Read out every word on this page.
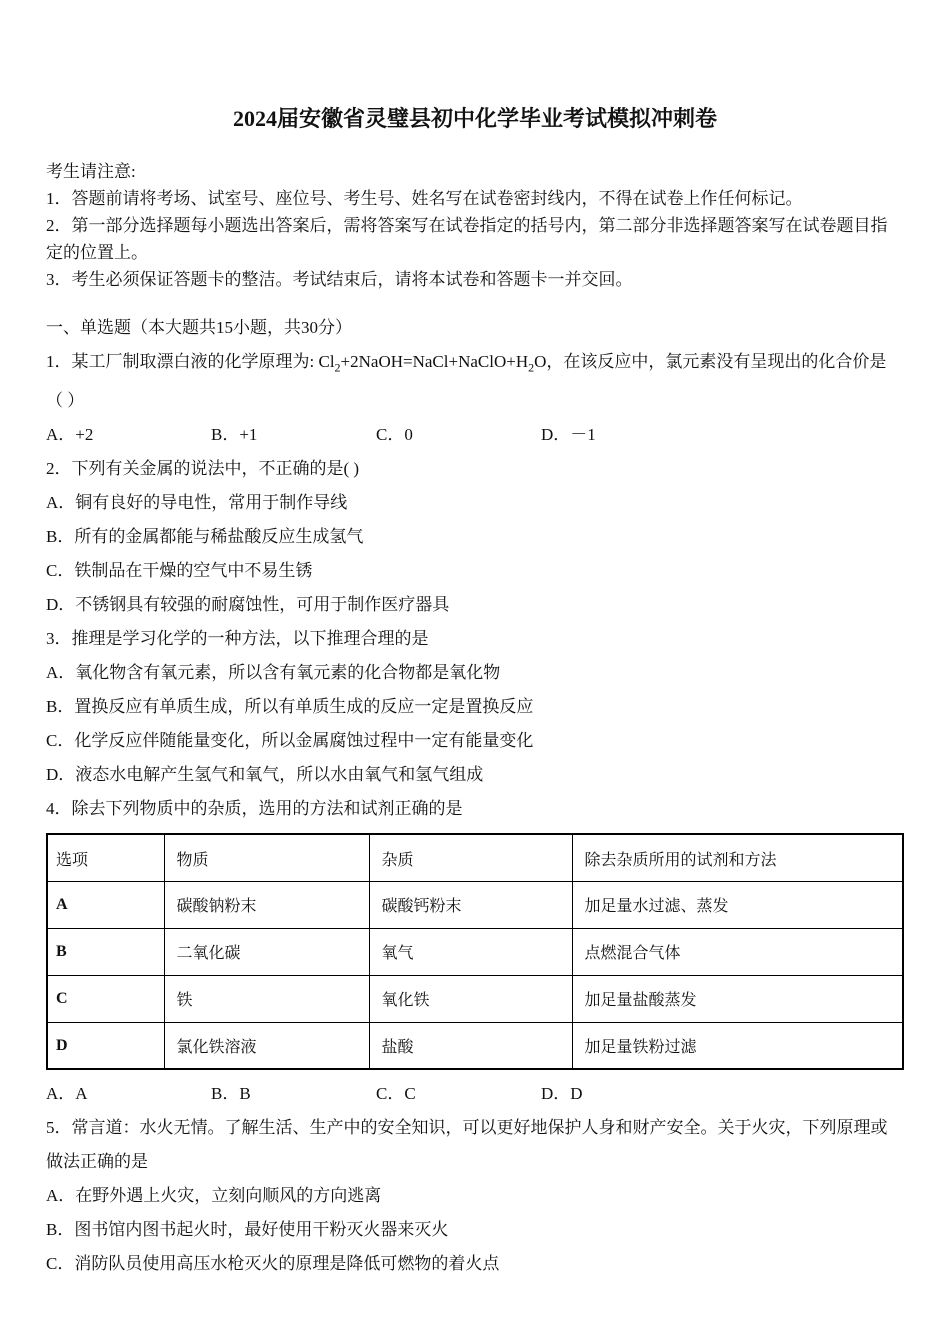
2024届安徽省灵璧县初中化学毕业考试模拟冲刺卷

考生请注意:

1．答题前请将考场、试室号、座位号、考生号、姓名写在试卷密封线内，不得在试卷上作任何标记。

2．第一部分选择题每小题选出答案后，需将答案写在试卷指定的括号内，第二部分非选择题答案写在试卷题目指定的位置上。

3．考生必须保证答题卡的整洁。考试结束后，请将本试卷和答题卡一并交回。

一、单选题（本大题共15小题，共30分）

1．某工厂制取漂白液的化学原理为: $Cl_2+2NaOH=NaCl+NaClO+H_2O$，在该反应中，氯元素没有呈现出的化合价是

（ ）

A．+2	B．+1	C．0	D．－1

2．下列有关金属的说法中，不正确的是( )

A．铜有良好的导电性，常用于制作导线

B．所有的金属都能与稀盐酸反应生成氢气

C．铁制品在干燥的空气中不易生锈

D．不锈钢具有较强的耐腐蚀性，可用于制作医疗器具

3．推理是学习化学的一种方法，以下推理合理的是

A．氧化物含有氧元素，所以含有氧元素的化合物都是氧化物

B．置换反应有单质生成，所以有单质生成的反应一定是置换反应

C．化学反应伴随能量变化，所以金属腐蚀过程中一定有能量变化

D．液态水电解产生氢气和氧气，所以水由氧气和氢气组成

4．除去下列物质中的杂质，选用的方法和试剂正确的是

选项	物质	杂质	除去杂质所用的试剂和方法
A	碳酸钠粉末	碳酸钙粉末	加足量水过滤、蒸发
B	二氧化碳	氧气	点燃混合气体
C	铁	氧化铁	加足量盐酸蒸发
D	氯化铁溶液	盐酸	加足量铁粉过滤
A．A	B．B	C．C	D．D

5．常言道：水火无情。了解生活、生产中的安全知识，可以更好地保护人身和财产安全。关于火灾，下列原理或做法正确的是

A．在野外遇上火灾，立刻向顺风的方向逃离

B．图书馆内图书起火时，最好使用干粉灭火器来灭火

C．消防队员使用高压水枪灭火的原理是降低可燃物的着火点
